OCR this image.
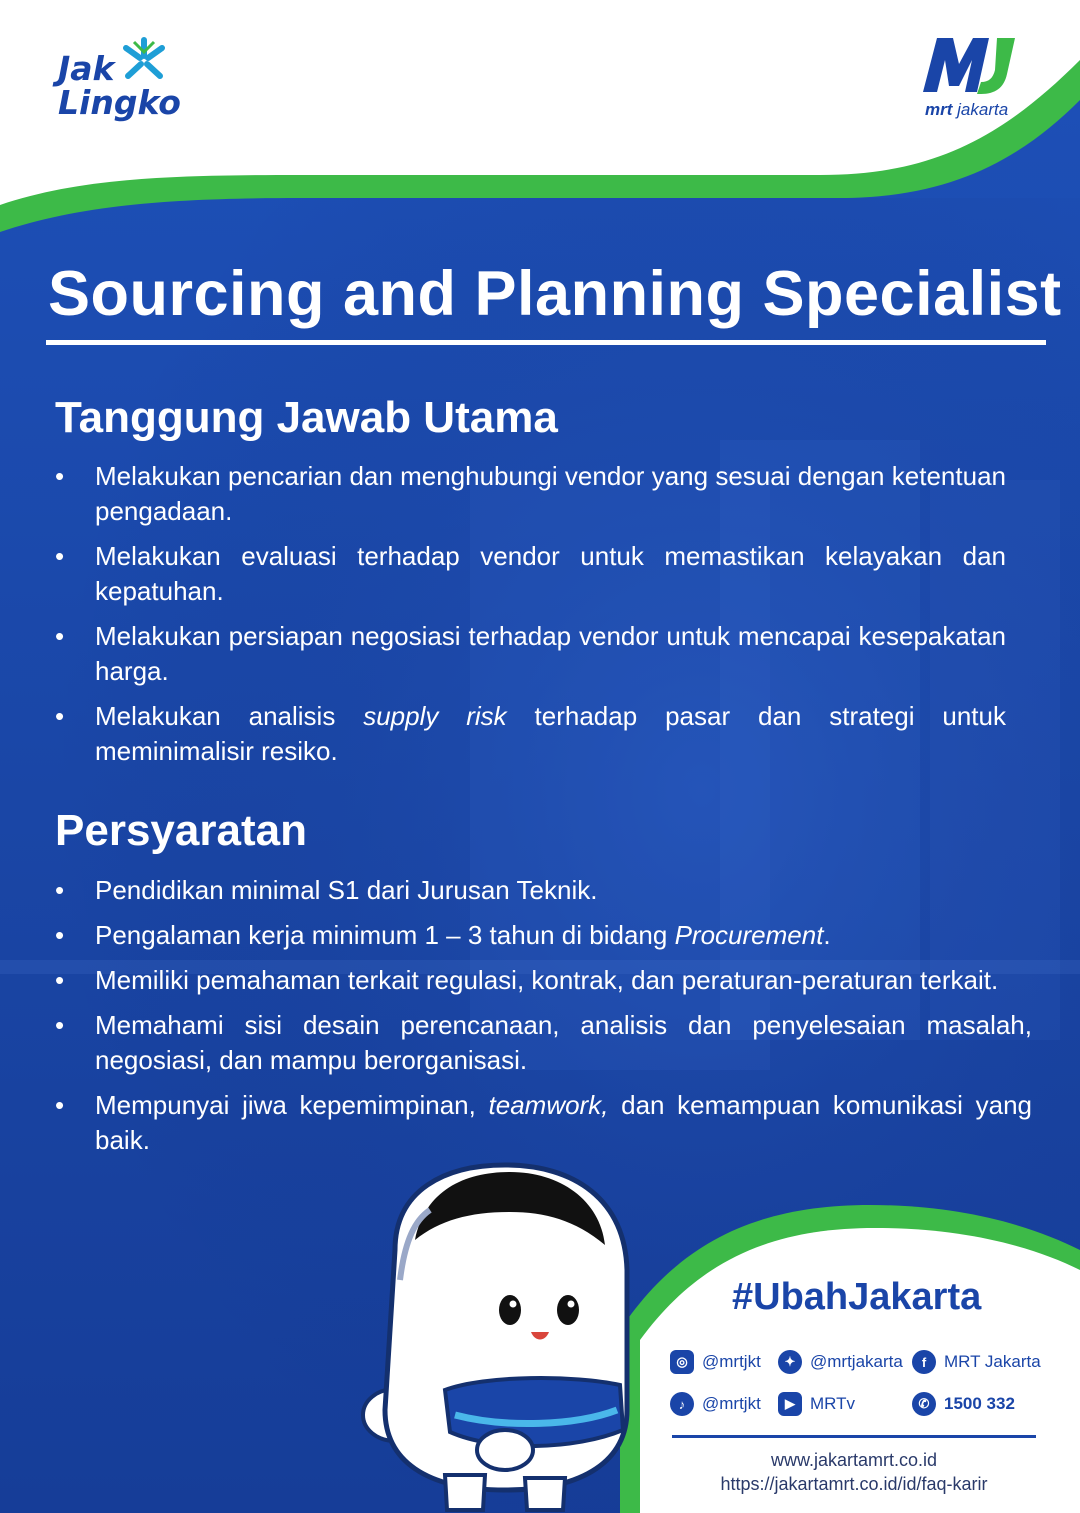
Jak
Lingko	mrt jakarta
Sourcing and Planning Specialist
Tanggung Jawab Utama
• Melakukan pencarian dan menghubungi vendor yang sesuai dengan ketentuan pengadaan.
• Melakukan evaluasi terhadap vendor untuk memastikan kelayakan dan kepatuhan.
• Melakukan persiapan negosiasi terhadap vendor untuk mencapai kesepakatan harga.
• Melakukan analisis supply risk terhadap pasar dan strategi untuk meminimalisir resiko.
Persyaratan
• Pendidikan minimal S1 dari Jurusan Teknik.
• Pengalaman kerja minimum 1 – 3 tahun di bidang Procurement.
• Memiliki pemahaman terkait regulasi, kontrak, dan peraturan-peraturan terkait.
• Memahami sisi desain perencanaan, analisis dan penyelesaian masalah, negosiasi, dan mampu berorganisasi.
• Mempunyai jiwa kepemimpinan, teamwork, dan kemampuan komunikasi yang baik.
#UbahJakarta
◎ @mrtjkt	✦ @mrtjakarta	f	MRT Jakarta
♪ @mrtjkt	▶ MRTv	✆ 1500 332
www.jakartamrt.co.id
https://jakartamrt.co.id/id/faq-karir
